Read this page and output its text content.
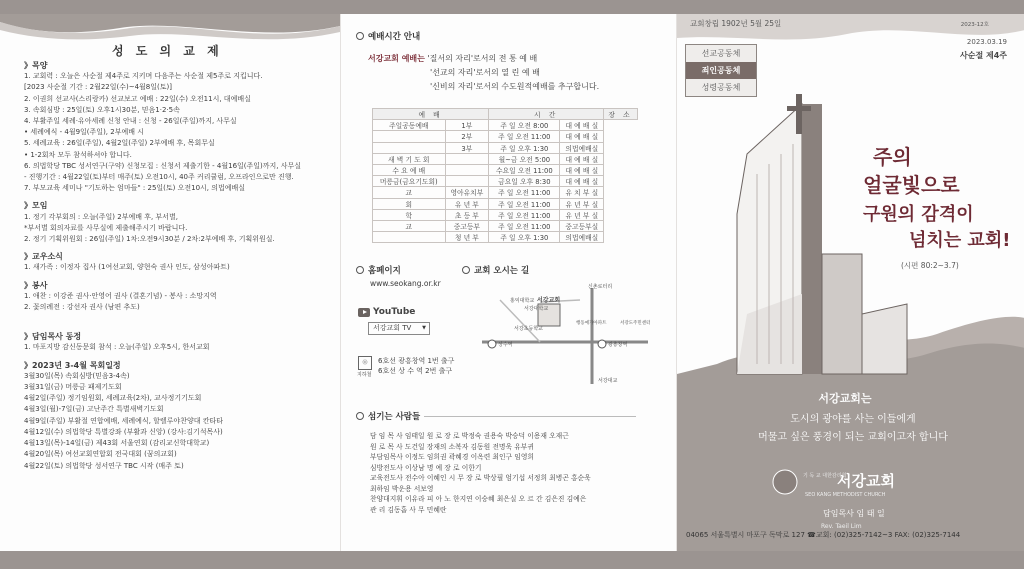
성 도 의 교 제
》목양
1. 교회력 : 오늘은 사순절 제4주로 지키며 다음주는 사순절 제5주로 지킵니다.
[2023 사순절 기간 : 2월22일(수)~4월8일(토)]
2. 이권희 선교사(스리랑카) 선교보고 예배 : 22일(수) 오전11시, 대예배실
3. 속회심방 : 25일(토) 오후1시30분, 믿음1·2·5속
4. 부활주일 세례·유아세례 신청 안내 : 신청 - 26일(주일)까지, 사무실
• 세례예식 - 4월9일(주일), 2부예배 시
5. 세례교육 : 26일(주일), 4월2일(주일) 2부예배 후, 목회무실
• 1-2회차 모두 참석하셔야 합니다.
6. 의법학당 TBC 성서연구(구약) 신청모집 : 신청서 제출기한 - 4월16일(주일)까지, 사무실
- 진행기간 : 4월22일(토)부터 매주(토) 오전10시, 40주 커리큘럼, 오프라인으로만 진행.
7. 부모교육 세미나 "기도하는 엄마들" : 25일(토) 오전10시, 의법예배실
》모임
1. 정기 각부회의 : 오늘(주일) 2부예배 후, 부서별,
*부서별 회의자료를 사무실에 제출해주시기 바랍니다.
2. 정기 기획위원회 : 26일(주일) 1차:오전9시30분 / 2차:2부예배 후, 기획위원실.
》교우소식
1. 새가족 : 이정자 집사 (1여선교회, 양현숙 권사 인도, 삼성아파트)
》봉사
1. 애찬 : 이강준 권사·안영어 권사 (결혼기념) - 봉사 : 소망지역
2. 꽃의례전 : 강선자 권사 (남편 추도)
》담임목사 동정
1. 마포지방 감신동문회 참석 : 오늘(주일) 오후5시, 한서교회
》2023년 3-4월 목회일정
3월30일(목) 속회심방(믿음3-4속)
3월31일(금) 머릉금 패제기도회
4월2일(주일) 정기임원회, 세례교육(2차), 교사정기기도회
4월3일(월)-7일(금) 고난주간 특별새벽기도회
4월9일(주일) 부활절 연합예배, 세례예식, 할렐루야찬양대 칸타타
4월12일(수) 의법학당 특별강좌 (부활과 신앙) (강사:김기석목사)
4월13일(목)-14일(금) 제43회 서울연회 (감리교신학대학교)
4월20일(목) 여선교회연합회 전국대회 (꿈의교회)
4월22일(토) 의법학당 성서연구 TBC 시작 (매주 토)
예배시간 안내
서강교회 예배는 '질서의 자리'로서의 전 통 예 배
'선교의 자리'로서의 열 린 예 배
'신비의 자리'로서의 수도원적예배를 추구합니다.
예 배		시 간		장 소
주일공동예배	1부	주 일 오전 8:00	대 예 배 실	
	2부	주 일 오전 11:00	대 예 배 실	
	3부	주 일 오후 1:30	의법예배실	
새 벽 기 도 회		월~금 오전 5:00	대 예 배 실	
수 요 예 배		수요일 오전 11:00	대 예 배 실	
머릉금(금요기도회)		금요일 오후 8:30	대 예 배 실	
교	영아유치부	주 일 오전 11:00	유 치 부 실	
회	유 년 부	주 일 오전 11:00	유 년 부 실	
학	초 등 부	주 일 오전 11:00	유 년 부 실	
교	중고등부	주 일 오전 11:00	중고등부실	
	청 년 부	주 일 오후 1:30	의법예배실	
홈페이지
www.seokang.or.kr
YouTube
서강교회 TV ▼
Ⓜ
지하철
6호선 광흥창역 1번 출구
6호선 상 수 역 2번 출구
교회 오시는 길
신촌로터리
홍익대학교 서강교회
서강대학교
서강초등학교
행동예가아파트	서강도주민센터
상수역	광흥창역
서강대교
섬기는 사람들
담 임 목 사 임태일 원 로 장 로 박정숙 권용숙 박승덕 이용재 오재근
원 로 목 사 도건일 장재의 소복자 김동원 전명욱 유부귀
부담임목사 이정도 임희권 곽혜경 이옥련 최인구 임영희
심방전도사 이상남 명 예 장 로 이한기
교육전도사 전수아 이혜인 시 무 장 로 박상필 엄기섭 서정희 최병곤 홍순욱
최하임 박운용 서보영
찬양대지휘 이유라 피 아 노 한지연 이승혜 최은실 오 르 간 김은진 김예은
관 리 김동흡 사 무 민혜란
2023-12호
2023.03.19
사순절 제4주
주의
얼굴빛으로
구원의 감격이
넘치는 교회!
(시편 80:2~3.7)
서강교회는
도시의 광야를 사는 이들에게
머물고 싶은 풍경이 되는 교회이고자 합니다
기 독 교 대한감리회
서강교회
SEO KANG METHODIST CHURCH
담임목사 임 태 일
Rev. Taeil Lim
교회창립 1902년 5월 25일
선교공동체
죄인공동체
성령공동체
04065 서울특별시 마포구 독막로 127 ☎교회: (02)325-7142~3 FAX: (02)325-7144
